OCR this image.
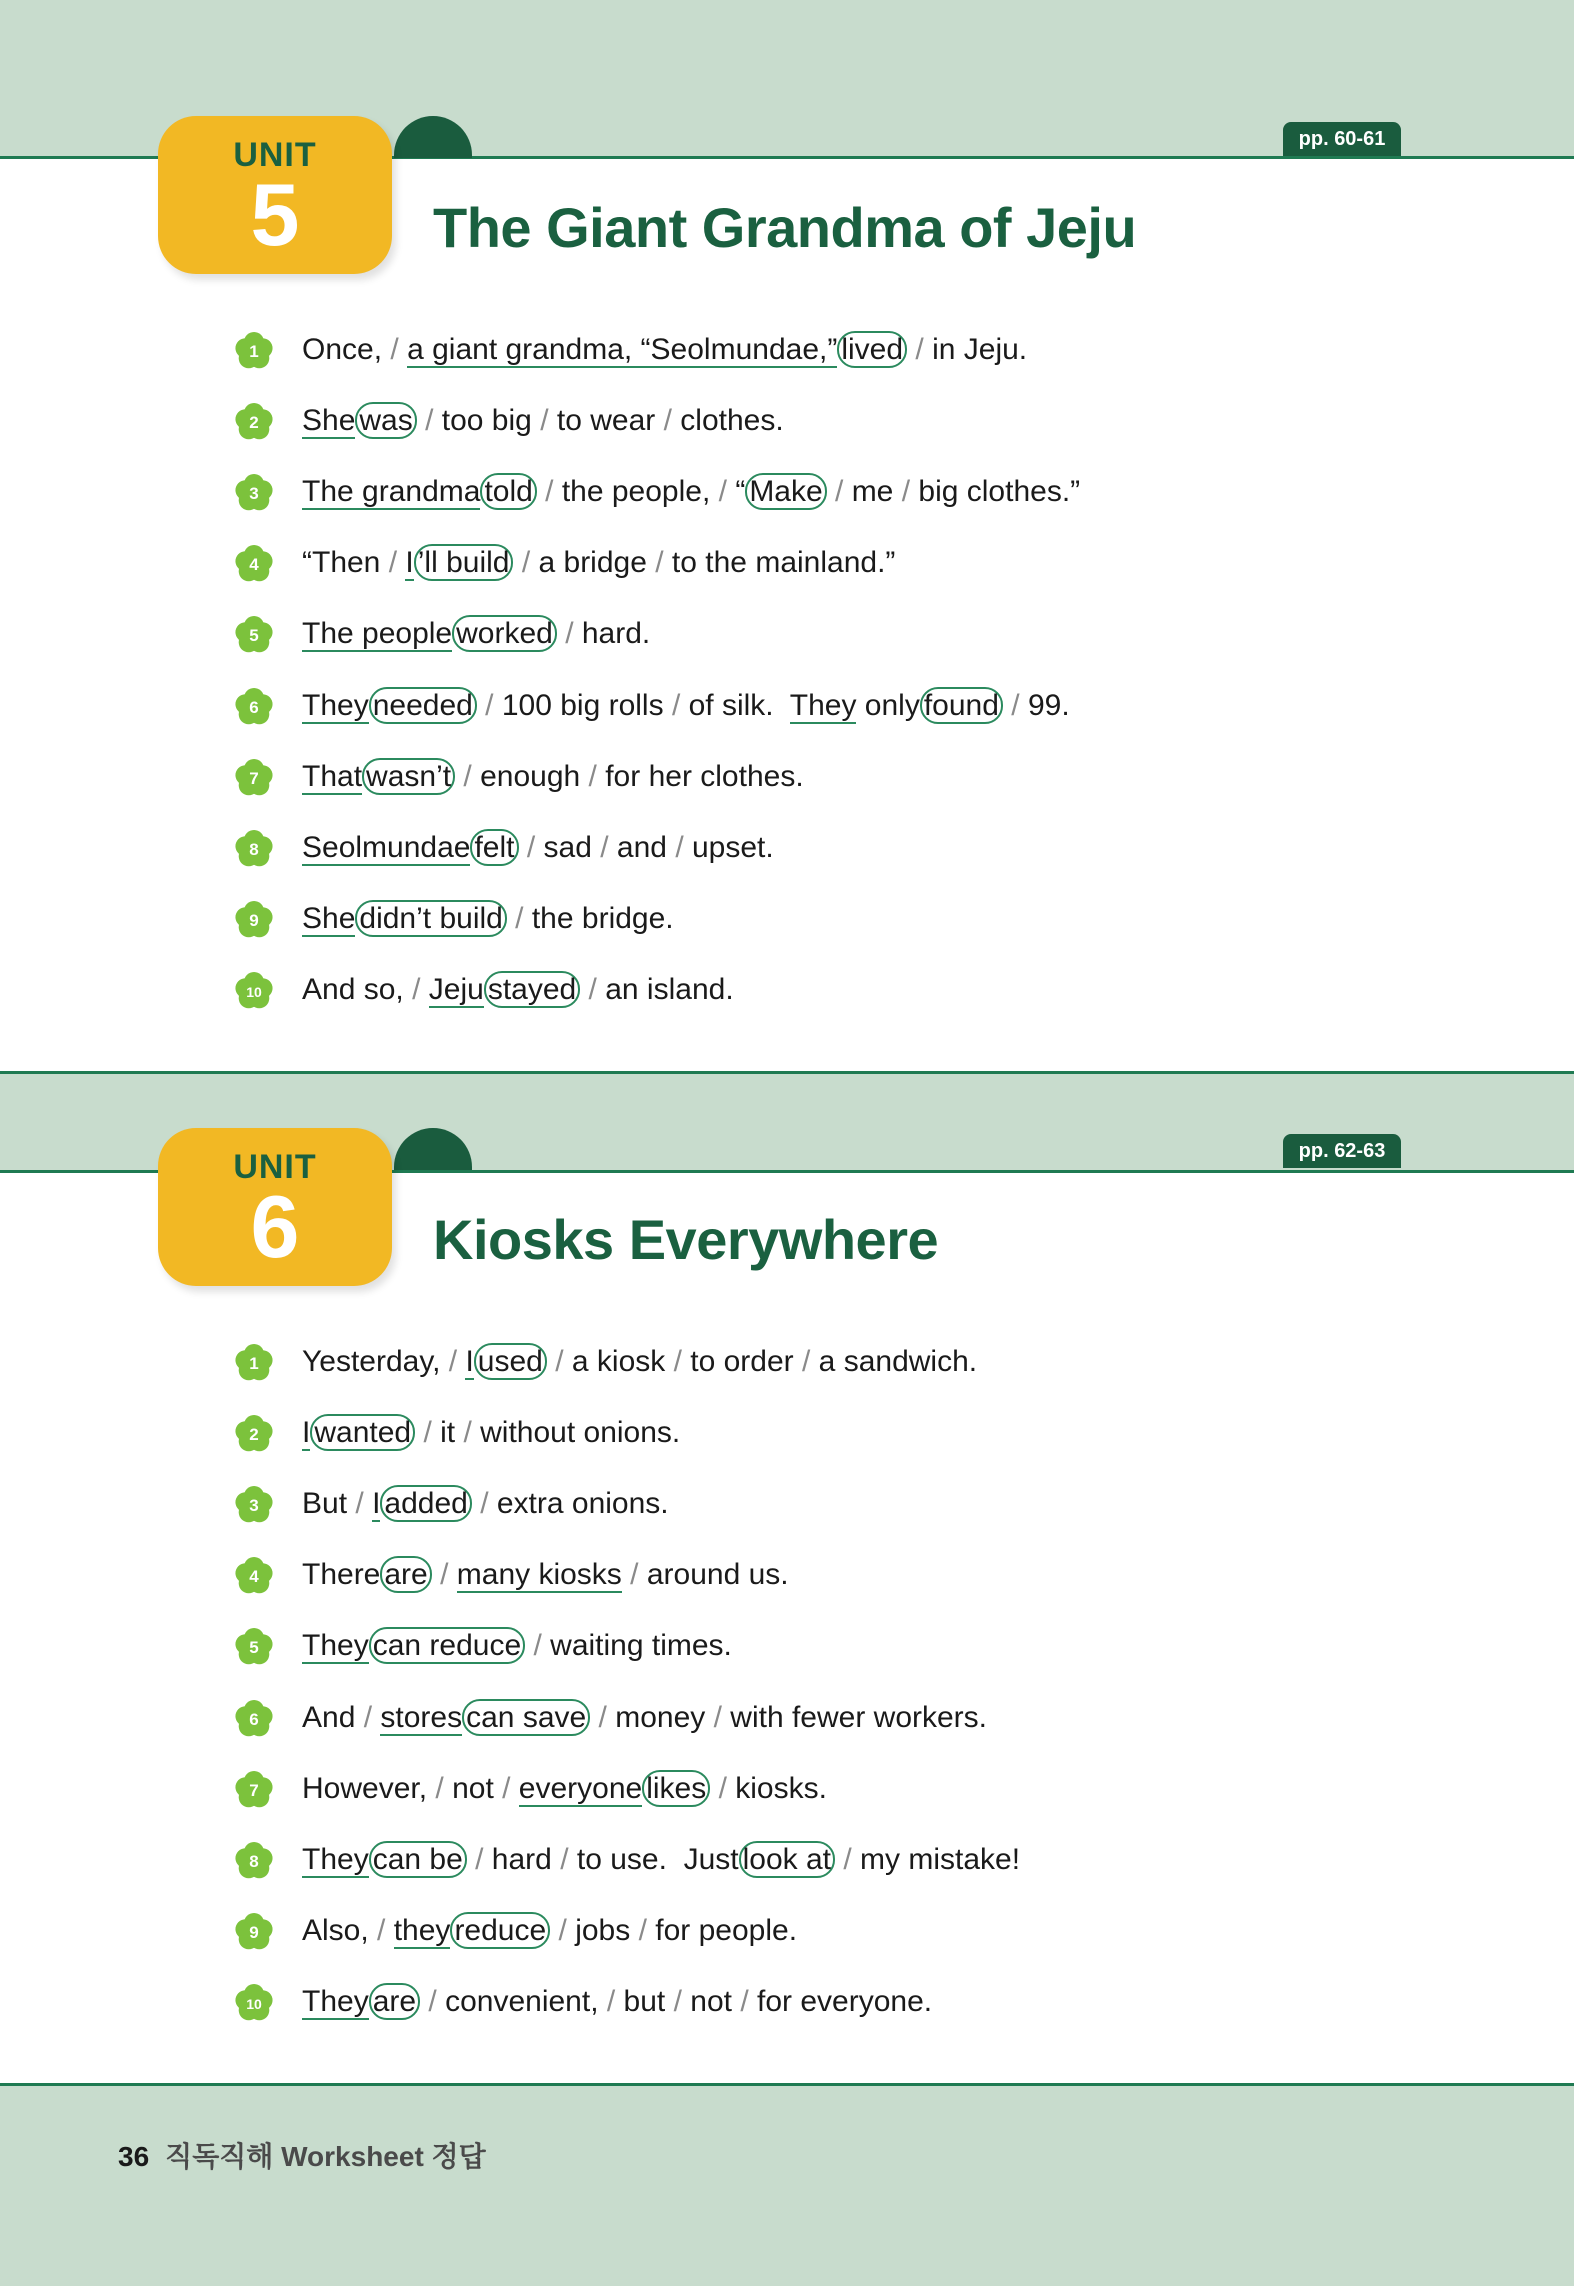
UNIT
5
pp. 60-61
The Giant Grandma of Jeju
1 Once, / a giant grandma, “Seolmundae,” lived / in Jeju.
2 She was / too big / to wear / clothes.
3 The grandma told / the people, / “ Make / me / big clothes.”
4 “Then / I ’ll build / a bridge / to the mainland.”
5 The people worked / hard.
6 They needed / 100 big rolls / of silk.  They only found / 99.
7 That wasn’t / enough / for her clothes.
8 Seolmundae felt / sad / and / upset.
9 She didn’t build / the bridge.
10 And so, / Jeju stayed / an island.
UNIT
6
pp. 62-63
Kiosks Everywhere
1 Yesterday, / I used / a kiosk / to order / a sandwich.
2 I wanted / it / without onions.
3 But / I added / extra onions.
4 There are / many kiosks / around us.
5 They can reduce / waiting times.
6 And / stores can save / money / with fewer workers.
7 However, / not / everyone likes / kiosks.
8 They can be / hard / to use.  Just look at / my mistake!
9 Also, / they reduce / jobs / for people.
10 They are / convenient, / but / not / for everyone.
36 직독직해 Worksheet 정답
